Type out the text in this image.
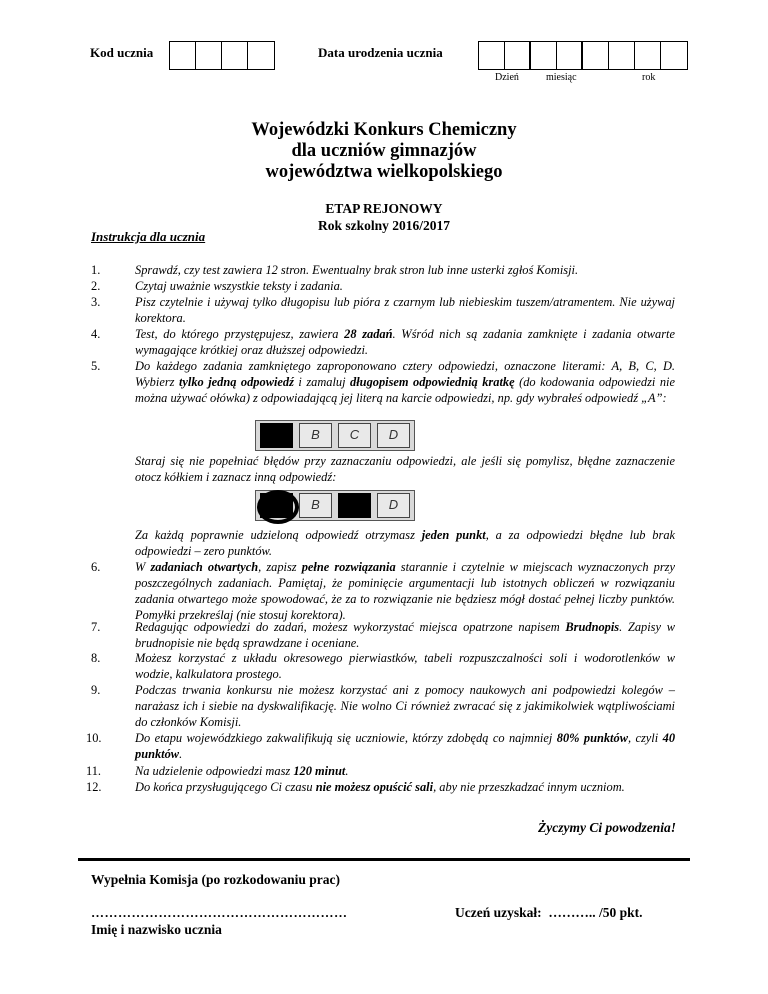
Kod ucznia	Data urodzenia ucznia
Dzień	miesiąc	rok
Wojewódzki Konkurs Chemiczny
dla uczniów gimnazjów
województwa wielkopolskiego
ETAP REJONOWY
Rok szkolny 2016/2017
Instrukcja dla ucznia
1.	Sprawdź, czy test zawiera 12 stron. Ewentualny brak stron lub inne usterki zgłoś Komisji.
2.	Czytaj uważnie wszystkie teksty i zadania.
3.	Pisz czytelnie i używaj tylko długopisu lub pióra z czarnym lub niebieskim tuszem/atramentem. Nie używaj korektora.
4.	Test, do którego przystępujesz, zawiera 28 zadań. Wśród nich są zadania zamknięte i zadania otwarte wymagające krótkiej oraz dłuższej odpowiedzi.
5.	Do każdego zadania zamkniętego zaproponowano cztery odpowiedzi, oznaczone literami: A, B, C, D. Wybierz tylko jedną odpowiedź i zamaluj długopisem odpowiednią kratkę (do kodowania odpowiedzi nie można używać ołówka) z odpowiadającą jej literą na karcie odpowiedzi, np. gdy wybrałeś odpowiedź „A”:
B	C	D
Staraj się nie popełniać błędów przy zaznaczaniu odpowiedzi, ale jeśli się pomylisz, błędne zaznaczenie otocz kółkiem i zaznacz inną odpowiedź:
B	D
Za każdą poprawnie udzieloną odpowiedź otrzymasz jeden punkt, a za odpowiedzi błędne lub brak odpowiedzi – zero punktów.
6.	W zadaniach otwartych, zapisz pełne rozwiązania starannie i czytelnie w miejscach wyznaczonych przy poszczególnych zadaniach. Pamiętaj, że pominięcie argumentacji lub istotnych obliczeń w rozwiązaniu zadania otwartego może spowodować, że za to rozwiązanie nie będziesz mógł dostać pełnej liczby punktów. Pomyłki przekreślaj (nie stosuj korektora).
7.	Redagując odpowiedzi do zadań, możesz wykorzystać miejsca opatrzone napisem Brudnopis. Zapisy w brudnopisie nie będą sprawdzane i oceniane.
8.	Możesz korzystać z układu okresowego pierwiastków, tabeli rozpuszczalności soli i wodorotlenków w wodzie, kalkulatora prostego.
9.	Podczas trwania konkursu nie możesz korzystać ani z pomocy naukowych ani podpowiedzi kolegów – narażasz ich i siebie na dyskwalifikację. Nie wolno Ci również zwracać się z jakimikolwiek wątpliwościami do członków Komisji.
10.	Do etapu wojewódzkiego zakwalifikują się uczniowie, którzy zdobędą co najmniej 80% punktów, czyli 40 punktów.
11.	Na udzielenie odpowiedzi masz 120 minut.
12.	Do końca przysługującego Ci czasu nie możesz opuścić sali, aby nie przeszkadzać innym uczniom.
Życzymy Ci powodzenia!
Wypełnia Komisja (po rozkodowaniu prac)
…………………………………………………
Imię i nazwisko ucznia
Uczeń uzyskał:  ……….. /50 pkt.
